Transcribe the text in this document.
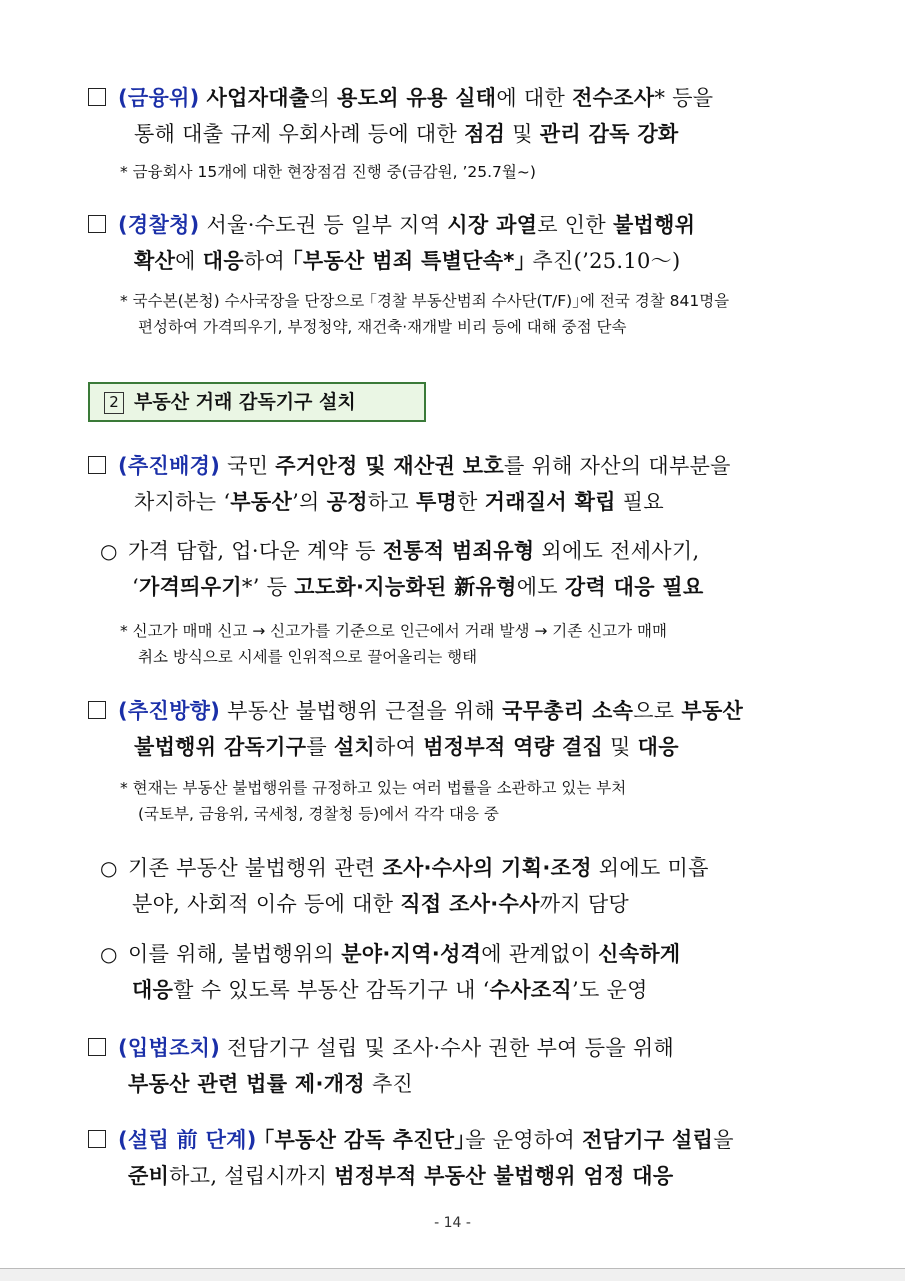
(금융위) 사업자대출의 용도외 유용 실태에 대한 전수조사* 등을
통해 대출 규제 우회사례 등에 대한 점검 및 관리 감독 강화
* 금융회사 15개에 대한 현장점검 진행 중(금감원, ’25.7월~)
(경찰청) 서울·수도권 등 일부 지역 시장 과열로 인한 불법행위
확산에 대응하여 ｢부동산 범죄 특별단속*｣ 추진(’25.10～)
* 국수본(본청) 수사국장을 단장으로 ｢경찰 부동산범죄 수사단(T/F)｣에 전국 경찰 841명을
편성하여 가격띄우기, 부정청약, 재건축·재개발 비리 등에 대해 중점 단속
2 부동산 거래 감독기구 설치
(추진배경) 국민 주거안정 및 재산권 보호를 위해 자산의 대부분을
차지하는 ‘부동산’의 공정하고 투명한 거래질서 확립 필요
○ 가격 담합, 업·다운 계약 등 전통적 범죄유형 외에도 전세사기,
‘가격띄우기*’ 등 고도화·지능화된 新유형에도 강력 대응 필요
* 신고가 매매 신고 → 신고가를 기준으로 인근에서 거래 발생 → 기존 신고가 매매
취소 방식으로 시세를 인위적으로 끌어올리는 행태
(추진방향) 부동산 불법행위 근절을 위해 국무총리 소속으로 부동산
불법행위 감독기구를 설치하여 범정부적 역량 결집 및 대응
* 현재는 부동산 불법행위를 규정하고 있는 여러 법률을 소관하고 있는 부처
(국토부, 금융위, 국세청, 경찰청 등)에서 각각 대응 중
○ 기존 부동산 불법행위 관련 조사·수사의 기획·조정 외에도 미흡
분야, 사회적 이슈 등에 대한 직접 조사·수사까지 담당
○ 이를 위해, 불법행위의 분야·지역·성격에 관계없이 신속하게
대응할 수 있도록 부동산 감독기구 내 ‘수사조직’도 운영
(입법조치) 전담기구 설립 및 조사·수사 권한 부여 등을 위해
부동산 관련 법률 제·개정 추진
(설립 前 단계) ｢부동산 감독 추진단｣을 운영하여 전담기구 설립을
준비하고, 설립시까지 범정부적 부동산 불법행위 엄정 대응
- 14 -
